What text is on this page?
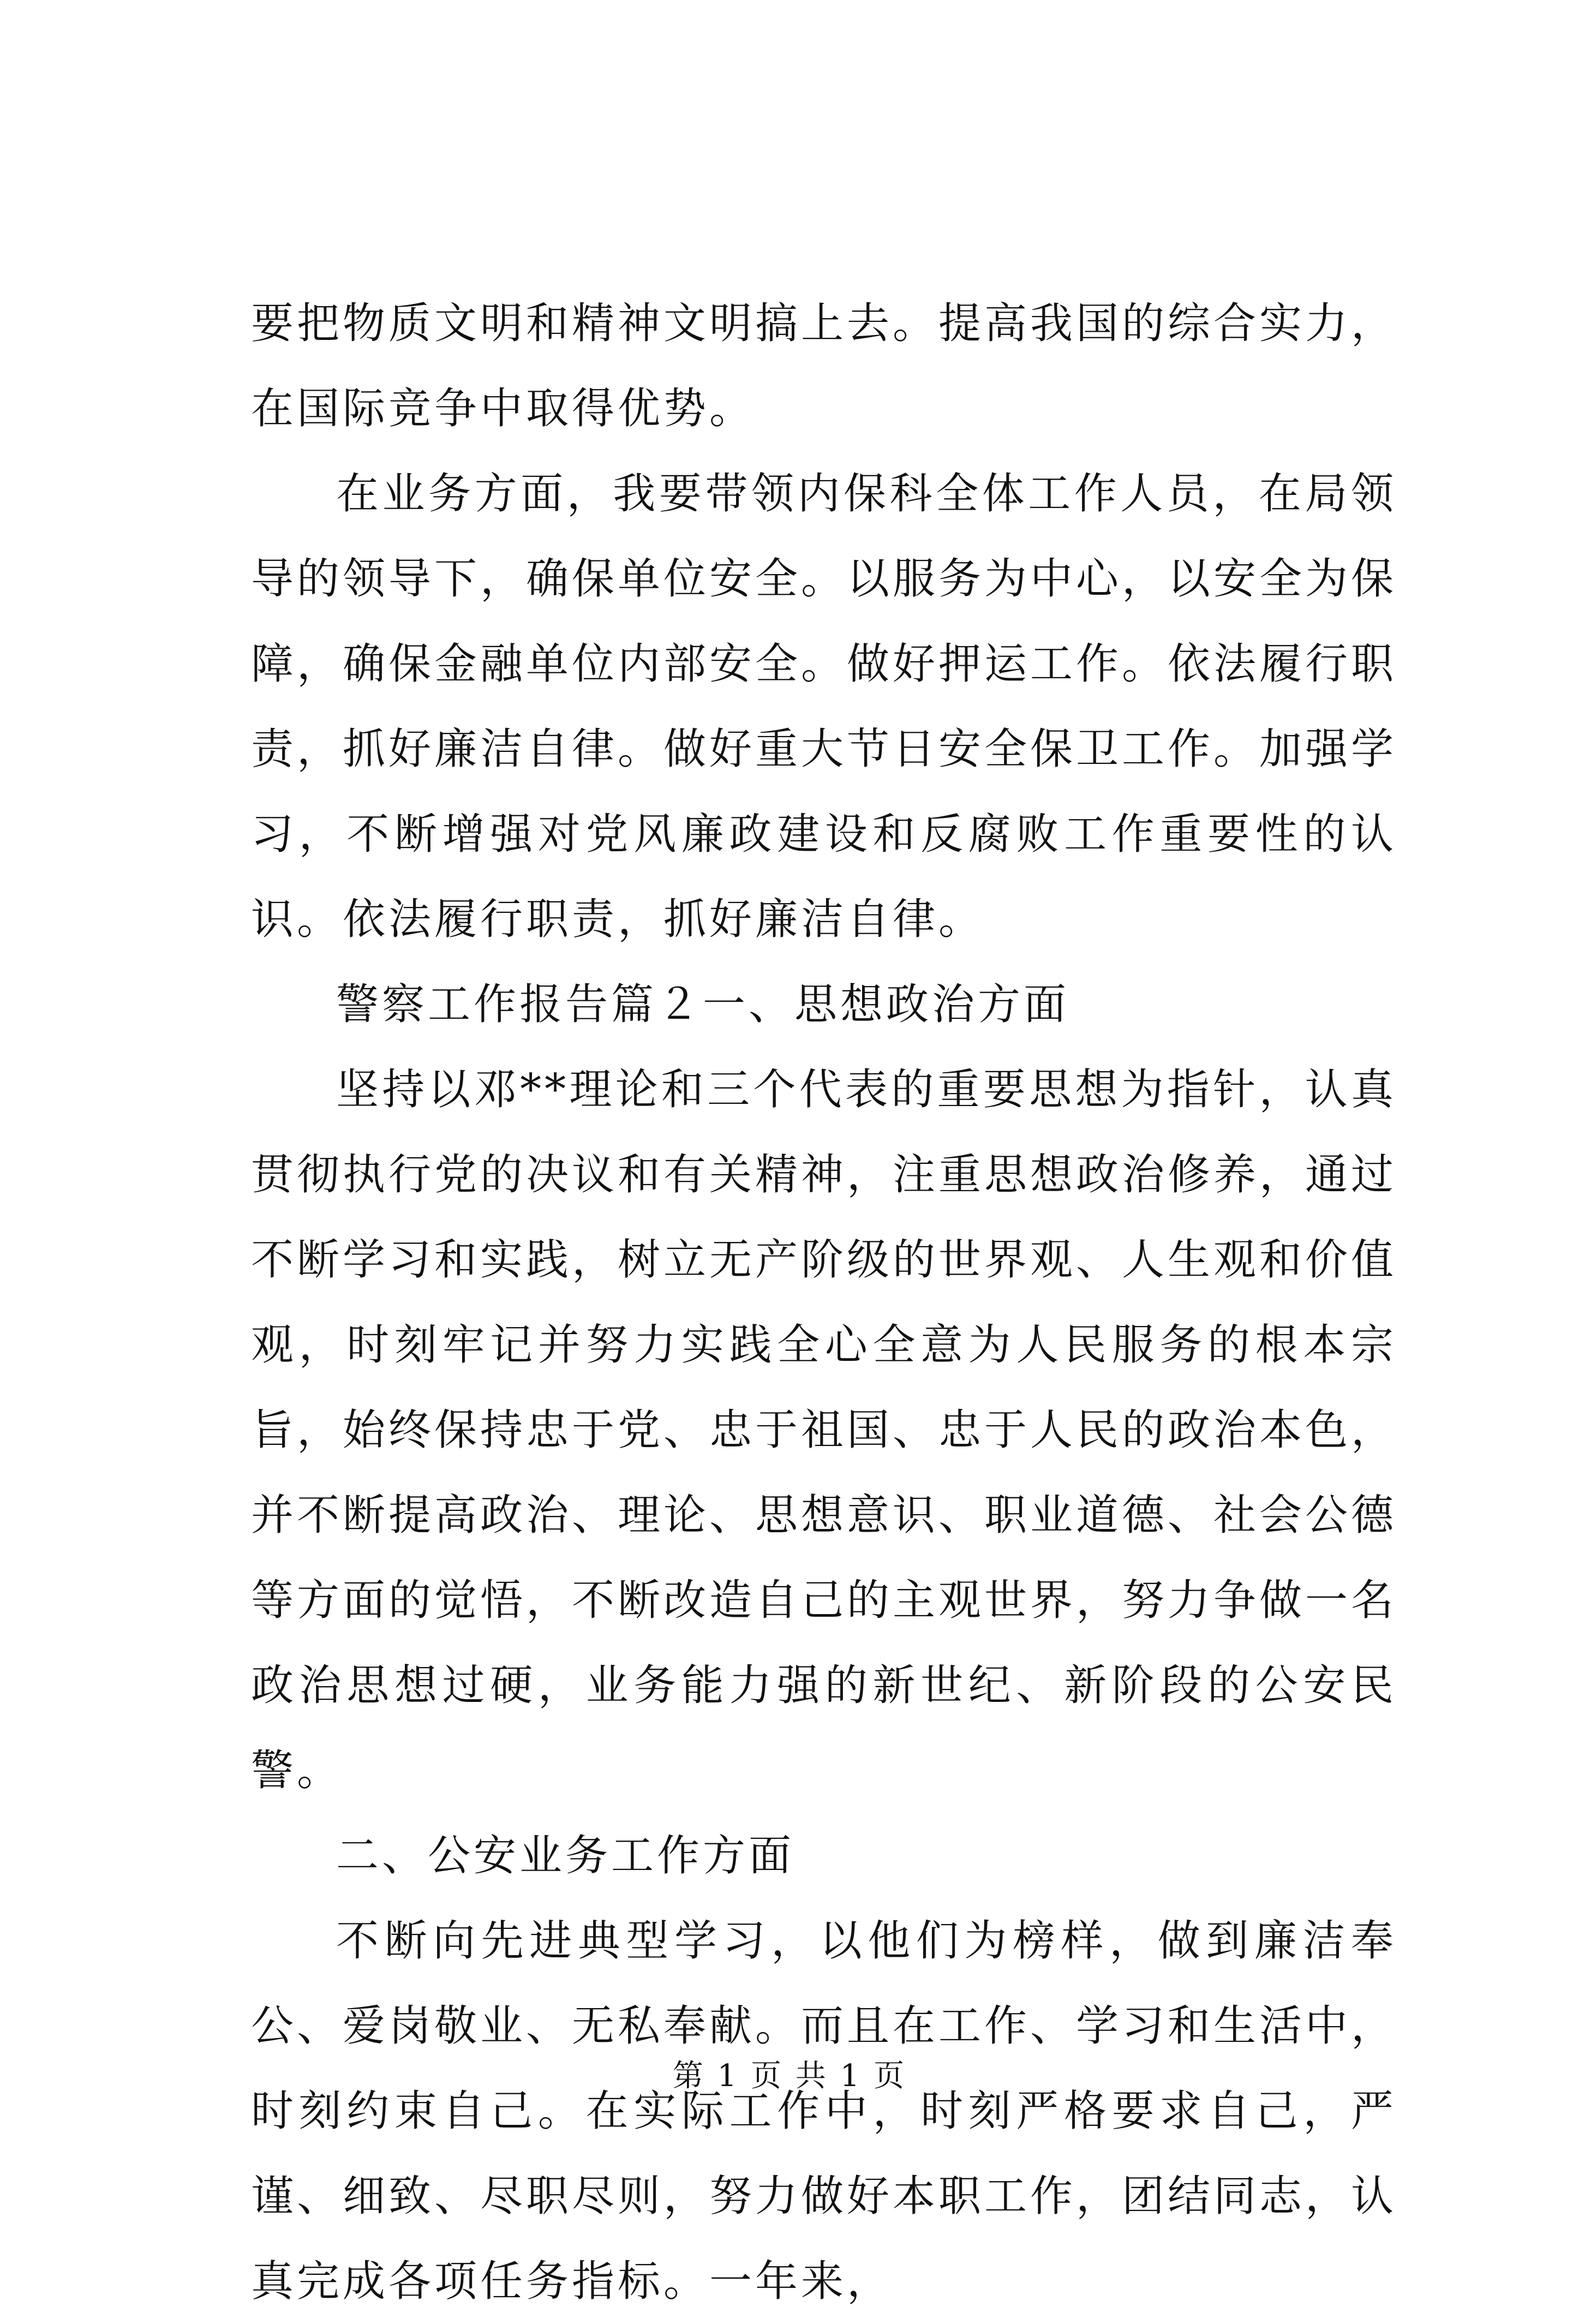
要把物质文明和精神文明搞上去。提高我国的综合实力，在国际竞争中取得优势。

在业务方面，我要带领内保科全体工作人员，在局领导的领导下，确保单位安全。以服务为中心，以安全为保障，确保金融单位内部安全。做好押运工作。依法履行职责，抓好廉洁自律。做好重大节日安全保卫工作。加强学习，不断增强对党风廉政建设和反腐败工作重要性的认识。依法履行职责，抓好廉洁自律。

警察工作报告篇２一、思想政治方面

坚持以邓**理论和三个代表的重要思想为指针，认真贯彻执行党的决议和有关精神，注重思想政治修养，通过不断学习和实践，树立无产阶级的世界观、人生观和价值观，时刻牢记并努力实践全心全意为人民服务的根本宗旨，始终保持忠于党、忠于祖国、忠于人民的政治本色，并不断提高政治、理论、思想意识、职业道德、社会公德等方面的觉悟，不断改造自己的主观世界，努力争做一名政治思想过硬，业务能力强的新世纪、新阶段的公安民警。

二、公安业务工作方面

不断向先进典型学习，以他们为榜样，做到廉洁奉公、爱岗敬业、无私奉献。而且在工作、学习和生活中，时刻约束自己。在实际工作中，时刻严格要求自己，严谨、细致、尽职尽则，努力做好本职工作，团结同志，认真完成各项任务指标。一年来，

第 1 页 共 1 页
